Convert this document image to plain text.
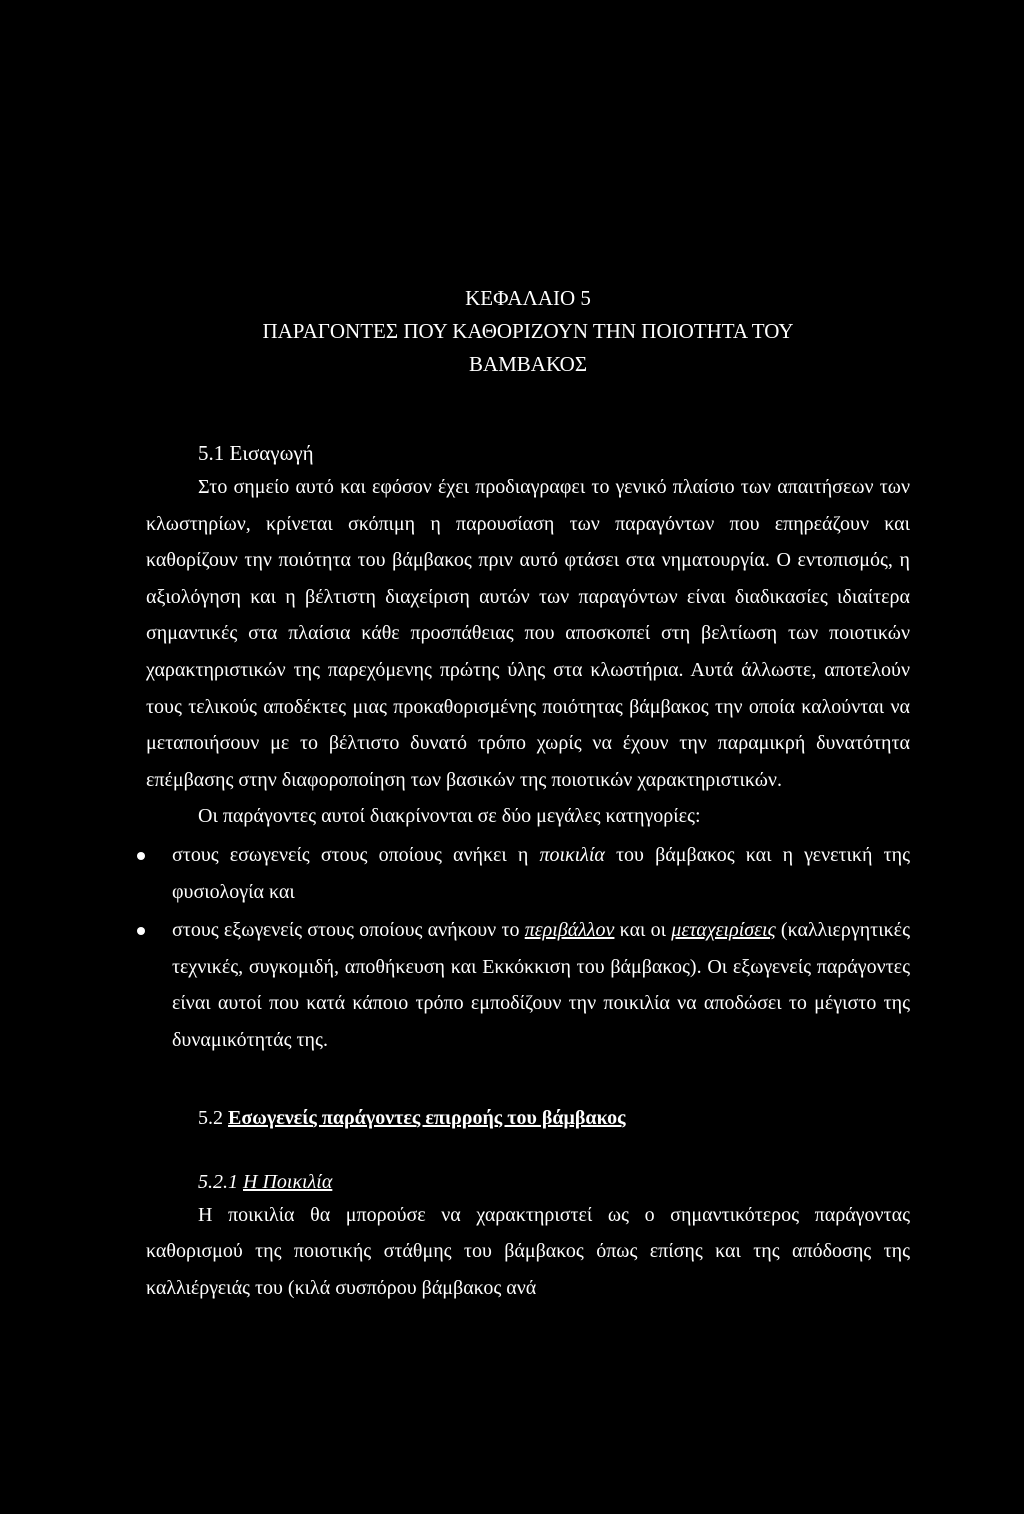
ΚΕΦΑΛΑΙΟ 5
ΠΑΡΑΓΟΝΤΕΣ ΠΟΥ ΚΑΘΟΡΙΖΟΥΝ ΤΗΝ ΠΟΙΟΤΗΤΑ ΤΟΥ
ΒΑΜΒΑΚΟΣ
5.1 Εισαγωγή

Στο σημείο αυτό και εφόσον έχει προδιαγραφει το γενικό πλαίσιο των απαιτήσεων των κλωστηρίων, κρίνεται σκόπιμη η παρουσίαση των παραγόντων που επηρεάζουν και καθορίζουν την ποιότητα του βάμβακος πριν αυτό φτάσει στα νηματουργία. Ο εντοπισμός, η αξιολόγηση και η βέλτιστη διαχείριση αυτών των παραγόντων είναι διαδικασίες ιδιαίτερα σημαντικές στα πλαίσια κάθε προσπάθειας που αποσκοπεί στη βελτίωση των ποιοτικών χαρακτηριστικών της παρεχόμενης πρώτης ύλης στα κλωστήρια. Αυτά άλλωστε, αποτελούν τους τελικούς αποδέκτες μιας προκαθορισμένης ποιότητας βάμβακος την οποία καλούνται να μεταποιήσουν με το βέλτιστο δυνατό τρόπο χωρίς να έχουν την παραμικρή δυνατότητα επέμβασης στην διαφοροποίηση των βασικών της ποιοτικών χαρακτηριστικών.

Οι παράγοντες αυτοί διακρίνονται σε δύο μεγάλες κατηγορίες:

στους εσωγενείς στους οποίους ανήκει η ποικιλία του βάμβακος και η γενετική της φυσιολογία και
στους εξωγενείς στους οποίους ανήκουν το περιβάλλον και οι μεταχειρίσεις (καλλιεργητικές τεχνικές, συγκομιδή, αποθήκευση και Εκκόκκιση του βάμβακος). Οι εξωγενείς παράγοντες είναι αυτοί που κατά κάποιο τρόπο εμποδίζουν την ποικιλία να αποδώσει το μέγιστο της δυναμικότητάς της.
5.2 Εσωγενείς παράγοντες επιρροής του βάμβακος
5.2.1 Η Ποικιλία

Η ποικιλία θα μπορούσε να χαρακτηριστεί ως ο σημαντικότερος παράγοντας καθορισμού της ποιοτικής στάθμης του βάμβακος όπως επίσης και της απόδοσης της καλλιέργειάς του (κιλά συσπόρου βάμβακος ανά
